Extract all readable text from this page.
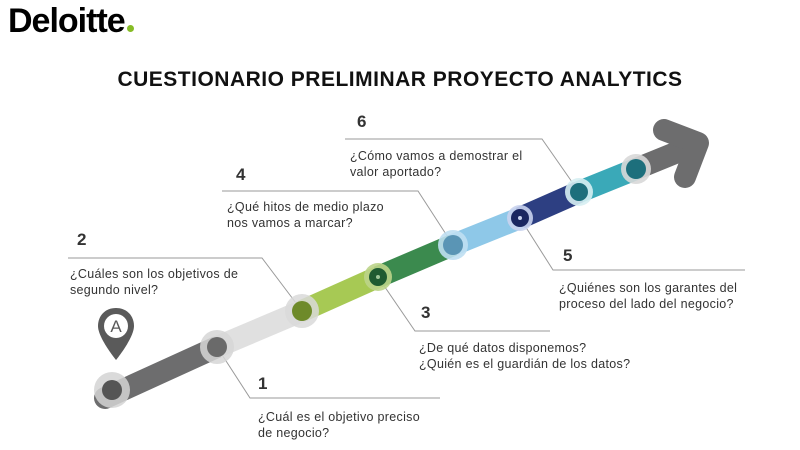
Deloitte
CUESTIONARIO PRELIMINAR PROYECTO ANALYTICS
A
1
¿Cuál es el objetivo preciso
de negocio?
2
¿Cuáles son los objetivos de
segundo nivel?
3
¿De qué datos disponemos?
¿Quién es el guardián de los datos?
4
¿Qué hitos de medio plazo
nos vamos a marcar?
5
¿Quiénes son los garantes del
proceso del lado del negocio?
6
¿Cómo vamos a demostrar el
valor aportado?
